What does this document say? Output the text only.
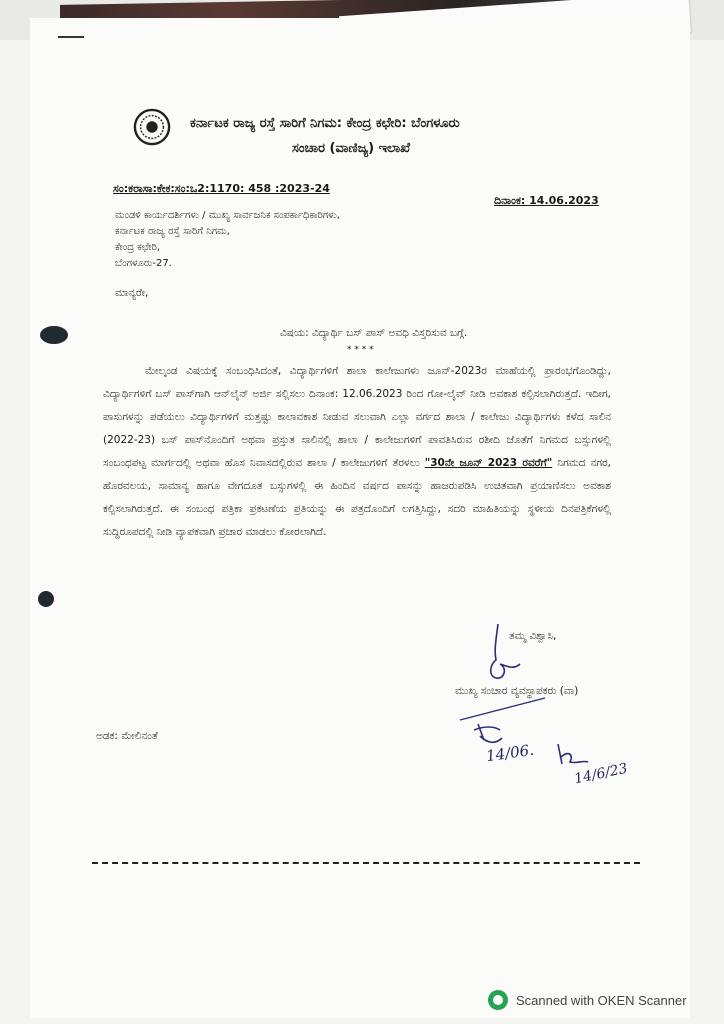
ಕರ್ನಾಟಕ ರಾಜ್ಯ ರಸ್ತೆ ಸಾರಿಗೆ ನಿಗಮ: ಕೇಂದ್ರ ಕಛೇರಿ: ಬೆಂಗಳೂರು
ಸಂಚಾರ (ವಾಣಿಜ್ಯ) ಇಲಾಖೆ
ಸಂ:ಕರಾಸಾ:ಕೇಕ:ಸಂ:ಒ2:1170: 458 :2023-24
ದಿನಾಂಕ: 14.06.2023
ಮಂಡಳಿ ಕಾರ್ಯದರ್ಶಿಗಳು / ಮುಖ್ಯ ಸಾರ್ವಜನಿಕ ಸಂಪರ್ಕಾಧಿಕಾರಿಗಳು,
ಕರ್ನಾಟಕ ರಾಜ್ಯ ರಸ್ತೆ ಸಾರಿಗೆ ನಿಗಮ,
ಕೇಂದ್ರ ಕಛೇರಿ,
ಬೆಂಗಳೂರು-27.
ಮಾನ್ಯರೇ,
ವಿಷಯ: ವಿದ್ಯಾರ್ಥಿ ಬಸ್ ಪಾಸ್ ಅವಧಿ ವಿಸ್ತರಿಸುವ ಬಗ್ಗೆ.
* * * *
ಮೇಲ್ಕಂಡ ವಿಷಯಕ್ಕೆ ಸಂಬಂಧಿಸಿದಂತೆ, ವಿದ್ಯಾರ್ಥಿಗಳಿಗೆ ಶಾಲಾ ಕಾಲೇಜುಗಳು ಜೂನ್-2023ರ ಮಾಹೆಯಲ್ಲಿ ಪ್ರಾರಂಭಗೊಂಡಿದ್ದು, ವಿದ್ಯಾರ್ಥಿಗಳಿಗೆ ಬಸ್ ಪಾಸ್‌ಗಾಗಿ ಆನ್‌ಲೈನ್ ಅರ್ಜಿ ಸಲ್ಲಿಸಲು ದಿನಾಂಕ: 12.06.2023 ರಿಂದ ಗೋ-ಲೈವ್ ನೀಡಿ ಅವಕಾಶ ಕಲ್ಪಿಸಲಾಗಿರುತ್ತದೆ. ಇದೀಗ, ಪಾಸುಗಳನ್ನು ಪಡೆಯಲು ವಿದ್ಯಾರ್ಥಿಗಳಿಗೆ ಮತ್ತಷ್ಟು ಕಾಲಾವಕಾಶ ನೀಡುವ ಸಲುವಾಗಿ ಎಲ್ಲಾ ವರ್ಗದ ಶಾಲಾ / ಕಾಲೇಜು ವಿದ್ಯಾರ್ಥಿಗಳು ಕಳೆದ ಸಾಲಿನ (2022-23) ಬಸ್ ಪಾಸ್‌ನೊಂದಿಗೆ ಅಥವಾ ಪ್ರಸ್ತುತ ಸಾಲಿನಲ್ಲಿ ಶಾಲಾ / ಕಾಲೇಜುಗಳಿಗೆ ಪಾವತಿಸಿರುವ ರಶೀದಿ ಜೊತೆಗೆ ನಿಗಮದ ಬಸ್ಸುಗಳಲ್ಲಿ ಸಂಬಂಧಪಟ್ಟ ಮಾರ್ಗದಲ್ಲಿ ಅಥವಾ ಹೊಸ ನಿವಾಸದಲ್ಲಿರುವ ಶಾಲಾ / ಕಾಲೇಜುಗಳಿಗೆ ತೆರಳಲು "30ನೇ ಜೂನ್ 2023 ರವರೆಗೆ" ನಿಗಮದ ನಗರ, ಹೊರವಲಯ, ಸಾಮಾನ್ಯ ಹಾಗೂ ವೇಗದೂತ ಬಸ್ಸುಗಳಲ್ಲಿ ಈ ಹಿಂದಿನ ವರ್ಷದ ಪಾಸನ್ನು ಹಾಜರುಪಡಿಸಿ ಉಚಿತವಾಗಿ ಪ್ರಯಾಣಿಸಲು ಅವಕಾಶ ಕಲ್ಪಿಸಲಾಗಿರುತ್ತದೆ. ಈ ಸಂಬಂಧ ಪತ್ರಿಕಾ ಪ್ರಕಟಣೆಯ ಪ್ರತಿಯನ್ನು ಈ ಪತ್ರದೊಂದಿಗೆ ಲಗತ್ತಿಸಿದ್ದು, ಸದರಿ ಮಾಹಿತಿಯನ್ನು ಸ್ಥಳೀಯ ದಿನಪತ್ರಿಕೆಗಳಲ್ಲಿ ಸುದ್ದಿರೂಪದಲ್ಲಿ ನೀಡಿ ವ್ಯಾಪಕವಾಗಿ ಪ್ರಚಾರ ಮಾಡಲು ಕೋರಲಾಗಿದೆ.
ತಮ್ಮ ವಿಶ್ವಾಸಿ,
ಮುಖ್ಯ ಸಂಚಾರ ವ್ಯವಸ್ಥಾಪಕರು (ವಾ)
ಅಡಕ: ಮೇಲಿನಂತೆ
14/06.
14/6/23
Scanned with OKEN Scanner
